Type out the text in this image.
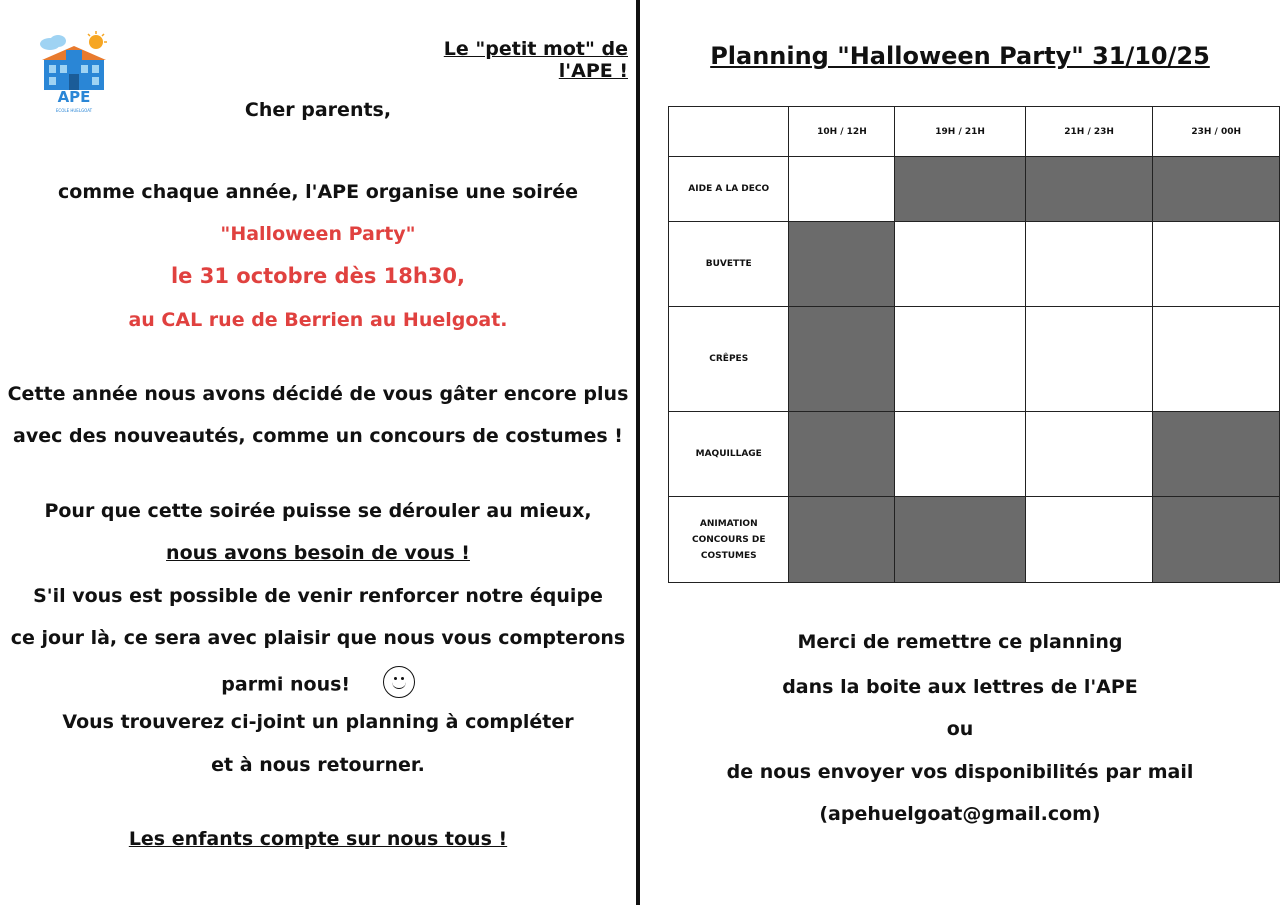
APE
ECOLE HUELGOAT
Le "petit mot" de l'APE !
Cher parents,
comme chaque année, l'APE organise une soirée
"Halloween Party"
le 31 octobre dès 18h30,
au CAL rue de Berrien au Huelgoat.
Cette année nous avons décidé de vous gâter encore plus
avec des nouveautés, comme un concours de costumes !
Pour que cette soirée puisse se dérouler au mieux,
nous avons besoin de vous !
S'il vous est possible de venir renforcer notre équipe
ce jour là, ce sera avec plaisir que nous vous compterons
parmi nous!
Vous trouverez ci-joint un planning à compléter
et à nous retourner.
Les enfants compte sur nous tous !
Planning "Halloween Party" 31/10/25
	10H / 12H	19H / 21H	21H / 23H	23H / 00H
AIDE A LA DECO				
BUVETTE				
CRÊPES				
MAQUILLAGE				
ANIMATION CONCOURS DE COSTUMES				
Merci de remettre ce planning
dans la boite aux lettres de l'APE
ou
de nous envoyer vos disponibilités par mail
(apehuelgoat@gmail.com)
